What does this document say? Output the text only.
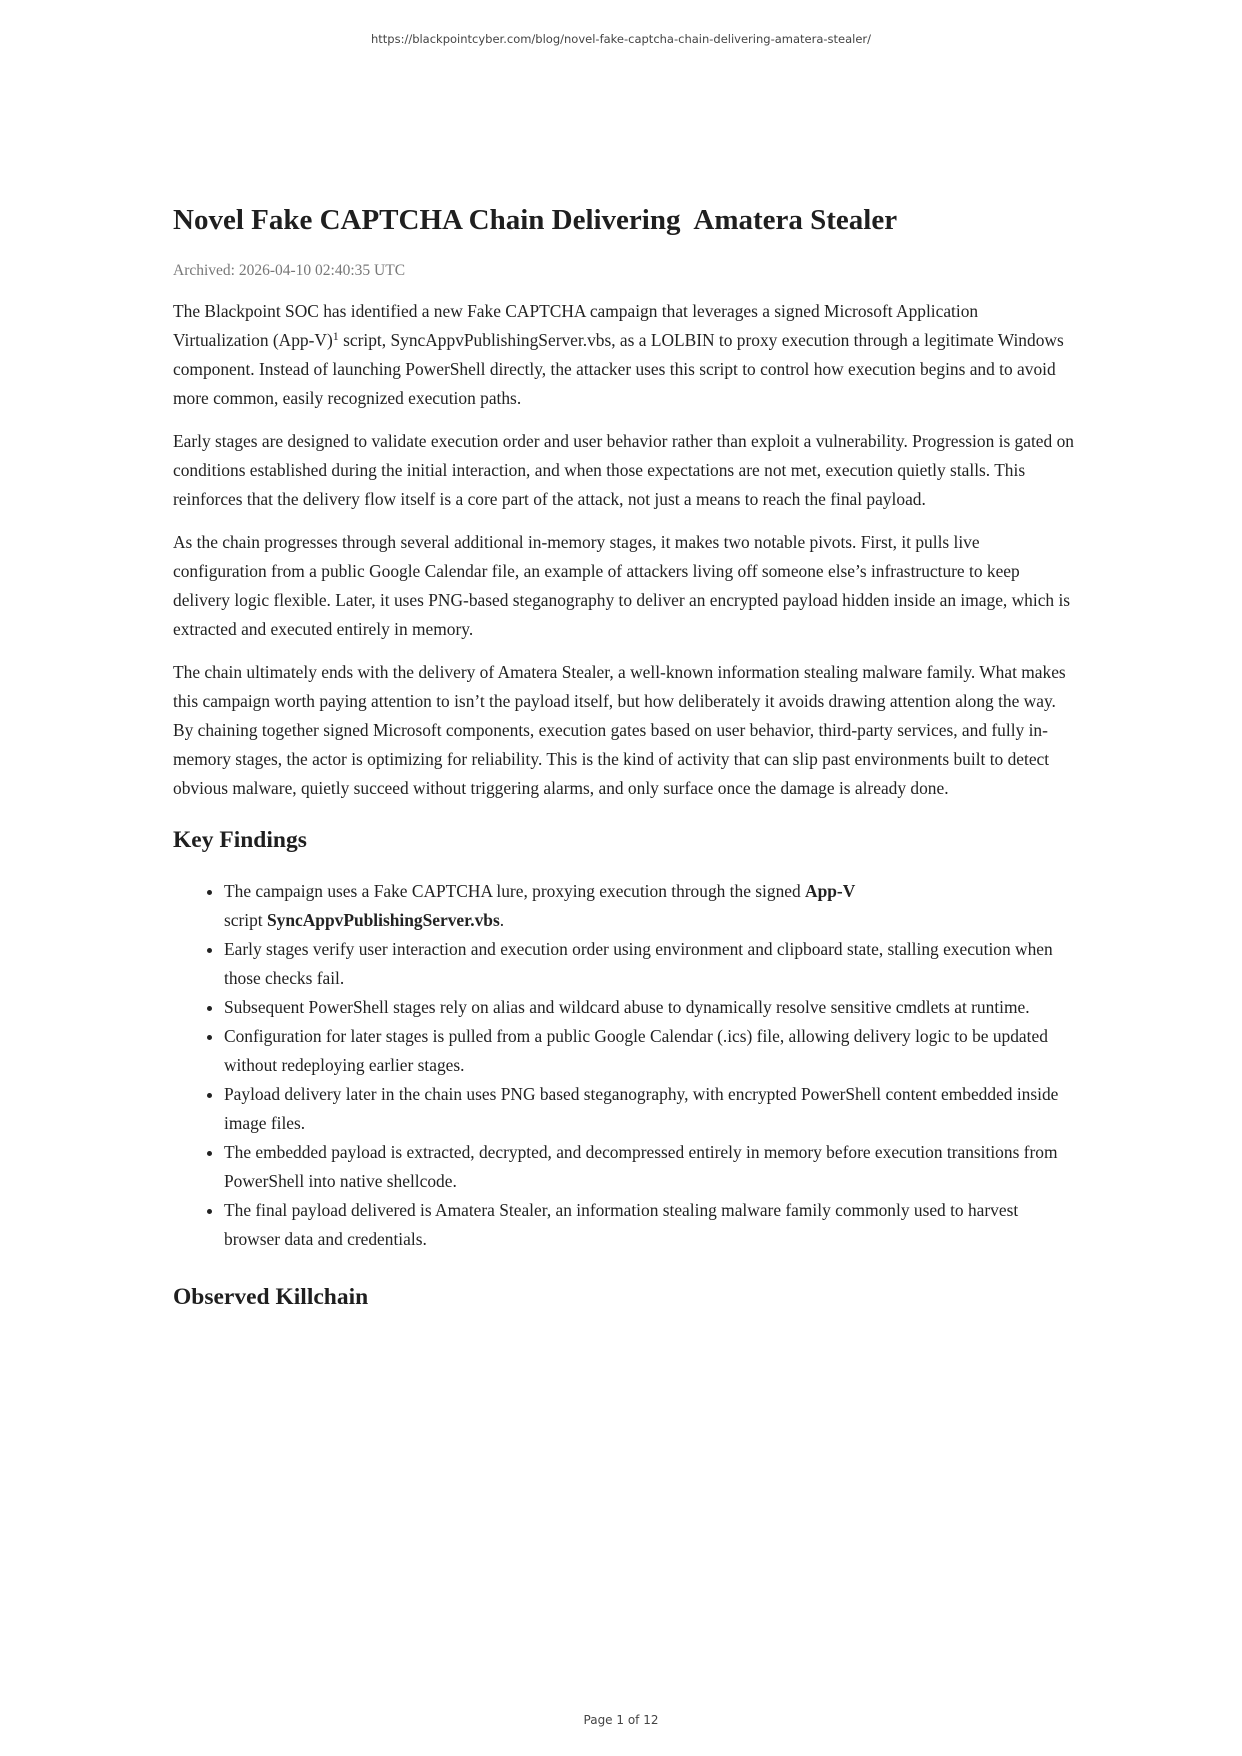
https://blackpointcyber.com/blog/novel-fake-captcha-chain-delivering-amatera-stealer/
Novel Fake CAPTCHA Chain Delivering  Amatera Stealer
Archived: 2026-04-10 02:40:35 UTC

The Blackpoint SOC has identified a new Fake CAPTCHA campaign that leverages a signed Microsoft Application Virtualization $(App-V)^1$ script, SyncAppvPublishingServer.vbs, as a LOLBIN to proxy execution through a legitimate Windows component. Instead of launching PowerShell directly, the attacker uses this script to control how execution begins and to avoid more common, easily recognized execution paths.

Early stages are designed to validate execution order and user behavior rather than exploit a vulnerability. Progression is gated on conditions established during the initial interaction, and when those expectations are not met, execution quietly stalls. This reinforces that the delivery flow itself is a core part of the attack, not just a means to reach the final payload.

As the chain progresses through several additional in-memory stages, it makes two notable pivots. First, it pulls live configuration from a public Google Calendar file, an example of attackers living off someone else’s infrastructure to keep delivery logic flexible. Later, it uses PNG-based steganography to deliver an encrypted payload hidden inside an image, which is extracted and executed entirely in memory.

The chain ultimately ends with the delivery of Amatera Stealer, a well-known information stealing malware family. What makes this campaign worth paying attention to isn’t the payload itself, but how deliberately it avoids drawing attention along the way. By chaining together signed Microsoft components, execution gates based on user behavior, third-party services, and fully in-memory stages, the actor is optimizing for reliability. This is the kind of activity that can slip past environments built to detect obvious malware, quietly succeed without triggering alarms, and only surface once the damage is already done.

Key Findings
• The campaign uses a Fake CAPTCHA lure, proxying execution through the signed App-V script SyncAppvPublishingServer.vbs.
• Early stages verify user interaction and execution order using environment and clipboard state, stalling execution when those checks fail.
• Subsequent PowerShell stages rely on alias and wildcard abuse to dynamically resolve sensitive cmdlets at runtime.
• Configuration for later stages is pulled from a public Google Calendar (.ics) file, allowing delivery logic to be updated without redeploying earlier stages.
• Payload delivery later in the chain uses PNG based steganography, with encrypted PowerShell content embedded inside image files.
• The embedded payload is extracted, decrypted, and decompressed entirely in memory before execution transitions from PowerShell into native shellcode.
• The final payload delivered is Amatera Stealer, an information stealing malware family commonly used to harvest browser data and credentials.
Observed Killchain
Page 1 of 12
